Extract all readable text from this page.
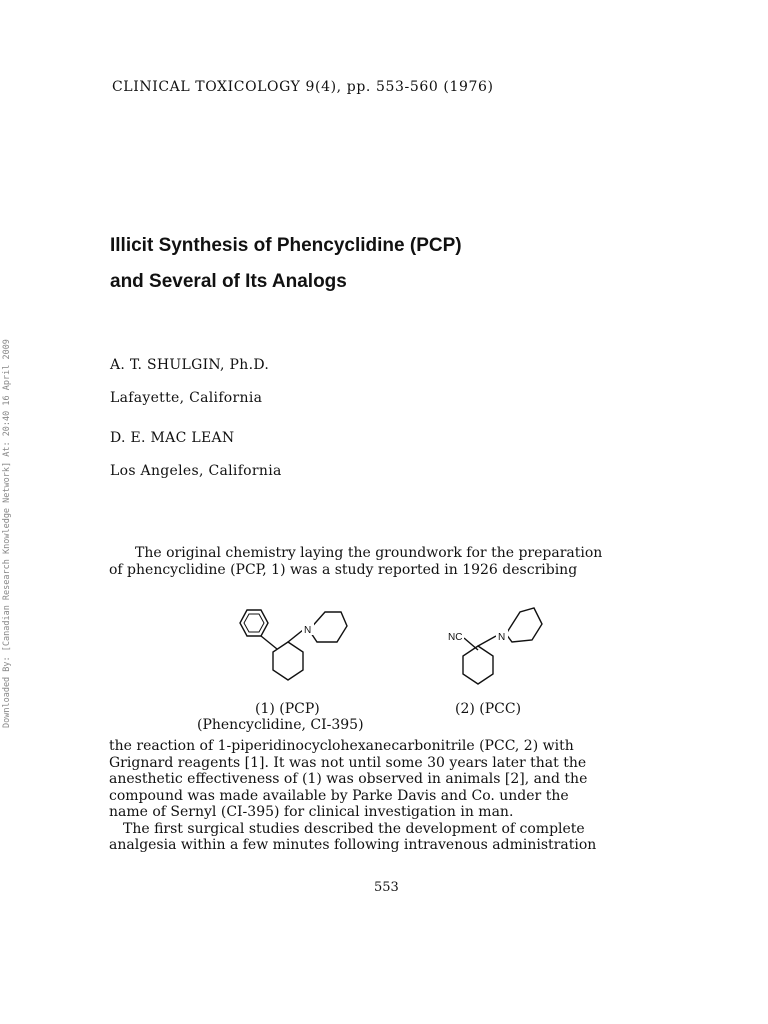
CLINICAL TOXICOLOGY 9(4), pp. 553-560 (1976)
Illicit Synthesis of Phencyclidine (PCP)
and Several of Its Analogs
A. T. SHULGIN, Ph.D.
Lafayette, California
D. E. MAC LEAN
Los Angeles, California
The original chemistry laying the groundwork for the preparation
of phencyclidine (PCP, 1) was a study reported in 1926 describing
N
N
NC
(1) (PCP)
(Phencyclidine, CI-395)
(2) (PCC)
the reaction of 1-piperidinocyclohexanecarbonitrile (PCC, 2) with
Grignard reagents [1]. It was not until some 30 years later that the
anesthetic effectiveness of (1) was observed in animals [2], and the
compound was made available by Parke Davis and Co. under the
name of Sernyl (CI-395) for clinical investigation in man.
The first surgical studies described the development of complete
analgesia within a few minutes following intravenous administration
553
Downloaded By: [Canadian Research Knowledge Network] At: 20:40 16 April 2009
